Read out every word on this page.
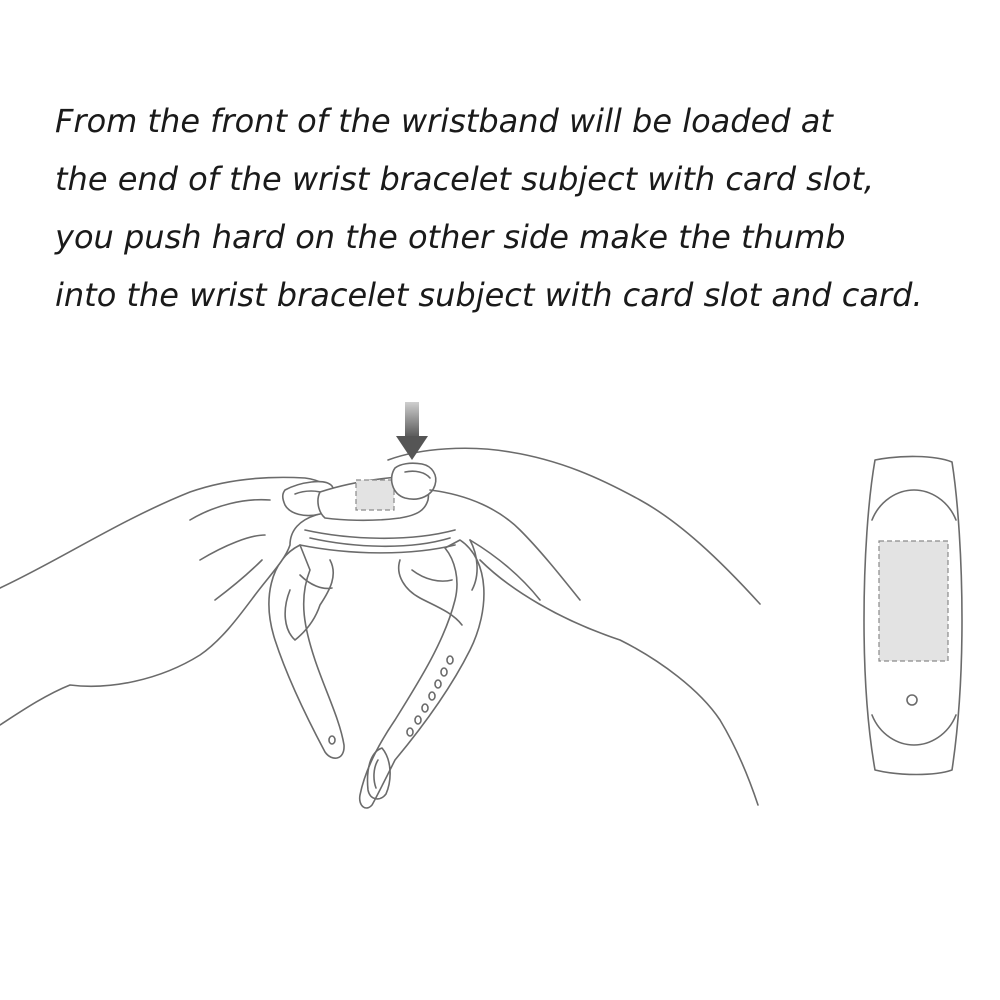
From the front of the wristband will be loaded at
the end of the wrist bracelet subject with card slot,
you push hard on the other side make the thumb
into the wrist bracelet subject with card slot and card.
